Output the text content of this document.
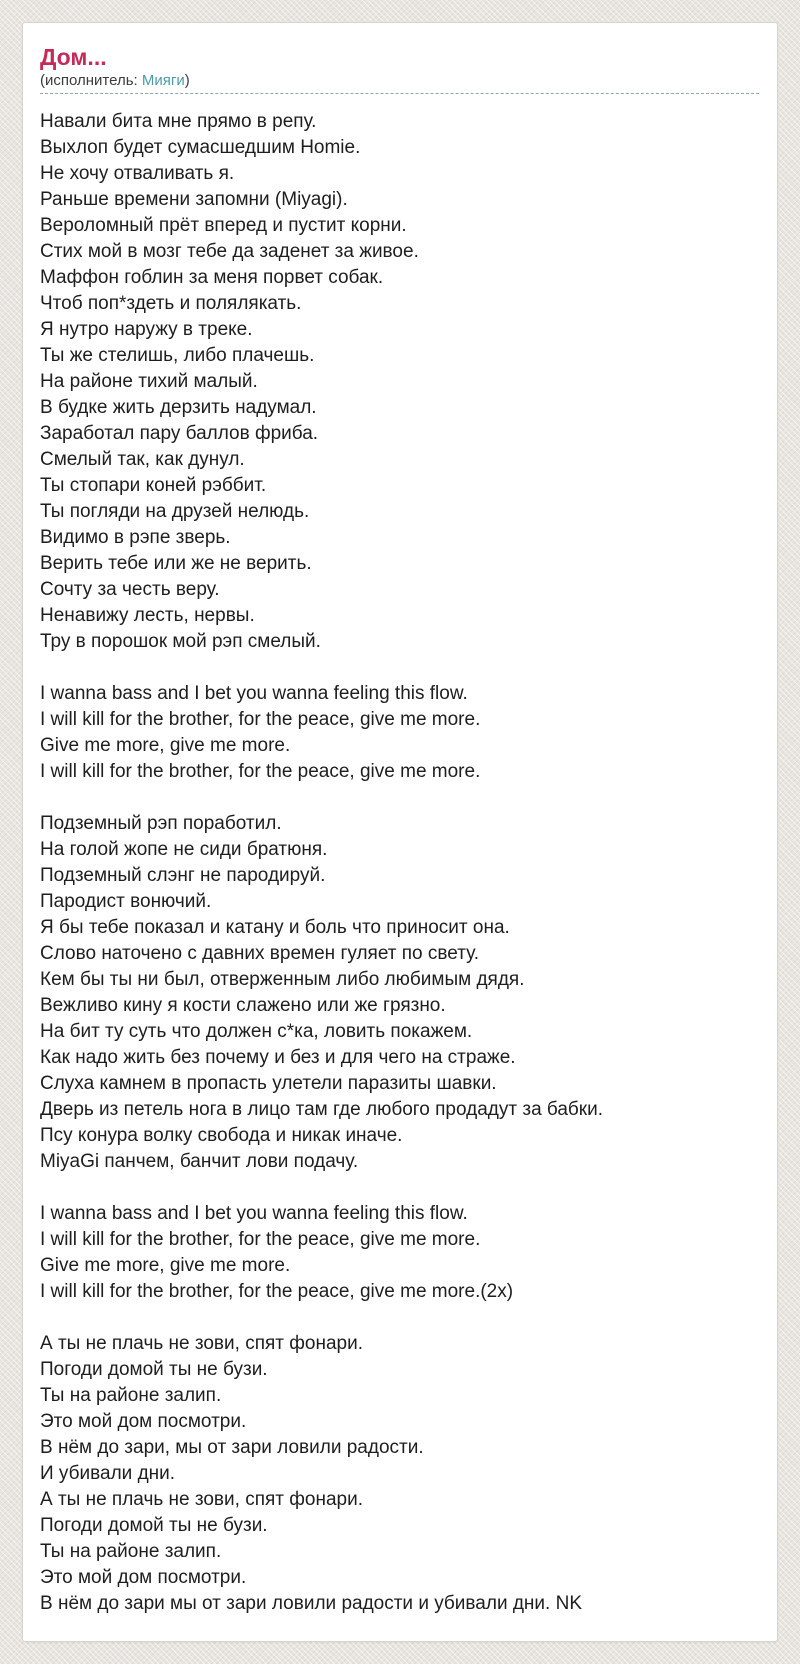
Дом...
(исполнитель: Мияги)
Навали бита мне прямо в репу.
Выхлоп будет сумасшедшим Homie.
Не хочу отваливать я.
Раньше времени запомни (Miyagi).
Вероломный прёт вперед и пустит корни.
Стих мой в мозг тебе да заденет за живое.
Маффон гоблин за меня порвет собак.
Чтоб поп*здеть и полялякать.
Я нутро наружу в треке.
Ты же стелишь, либо плачешь.
На районе тихий малый.
В будке жить дерзить надумал.
Заработал пару баллов фриба.
Смелый так, как дунул.
Ты стопари коней рэббит.
Ты погляди на друзей нелюдь.
Видимо в рэпе зверь.
Верить тебе или же не верить.
Сочту за честь веру.
Ненавижу лесть, нервы.
Тру в порошок мой рэп смелый.
I wanna bass and I bet you wanna feeling this flow.
I will kill for the brother, for the peace, give me more.
Give me more, give me more.
I will kill for the brother, for the peace, give me more.
Подземный рэп поработил.
На голой жопе не сиди братюня.
Подземный слэнг не пародируй.
Пародист вонючий.
Я бы тебе показал и катану и боль что приносит она.
Слово наточено с давних времен гуляет по свету.
Кем бы ты ни был, отверженным либо любимым дядя.
Вежливо кину я кости слажено или же грязно.
На бит ту суть что должен с*ка, ловить покажем.
Как надо жить без почему и без и для чего на страже.
Слуха камнем в пропасть улетели паразиты шавки.
Дверь из петель нога в лицо там где любого продадут за бабки.
Псу конура волку свобода и никак иначе.
MiyaGi панчем, банчит лови подачу.
I wanna bass and I bet you wanna feeling this flow.
I will kill for the brother, for the peace, give me more.
Give me more, give me more.
I will kill for the brother, for the peace, give me more.(2x)
А ты не плачь не зови, спят фонари.
Погоди домой ты не бузи.
Ты на районе залип.
Это мой дом посмотри.
В нём до зари, мы от зари ловили радости.
И убивали дни.
А ты не плачь не зови, спят фонари.
Погоди домой ты не бузи.
Ты на районе залип.
Это мой дом посмотри.
В нём до зари мы от зари ловили радости и убивали дни. NK
